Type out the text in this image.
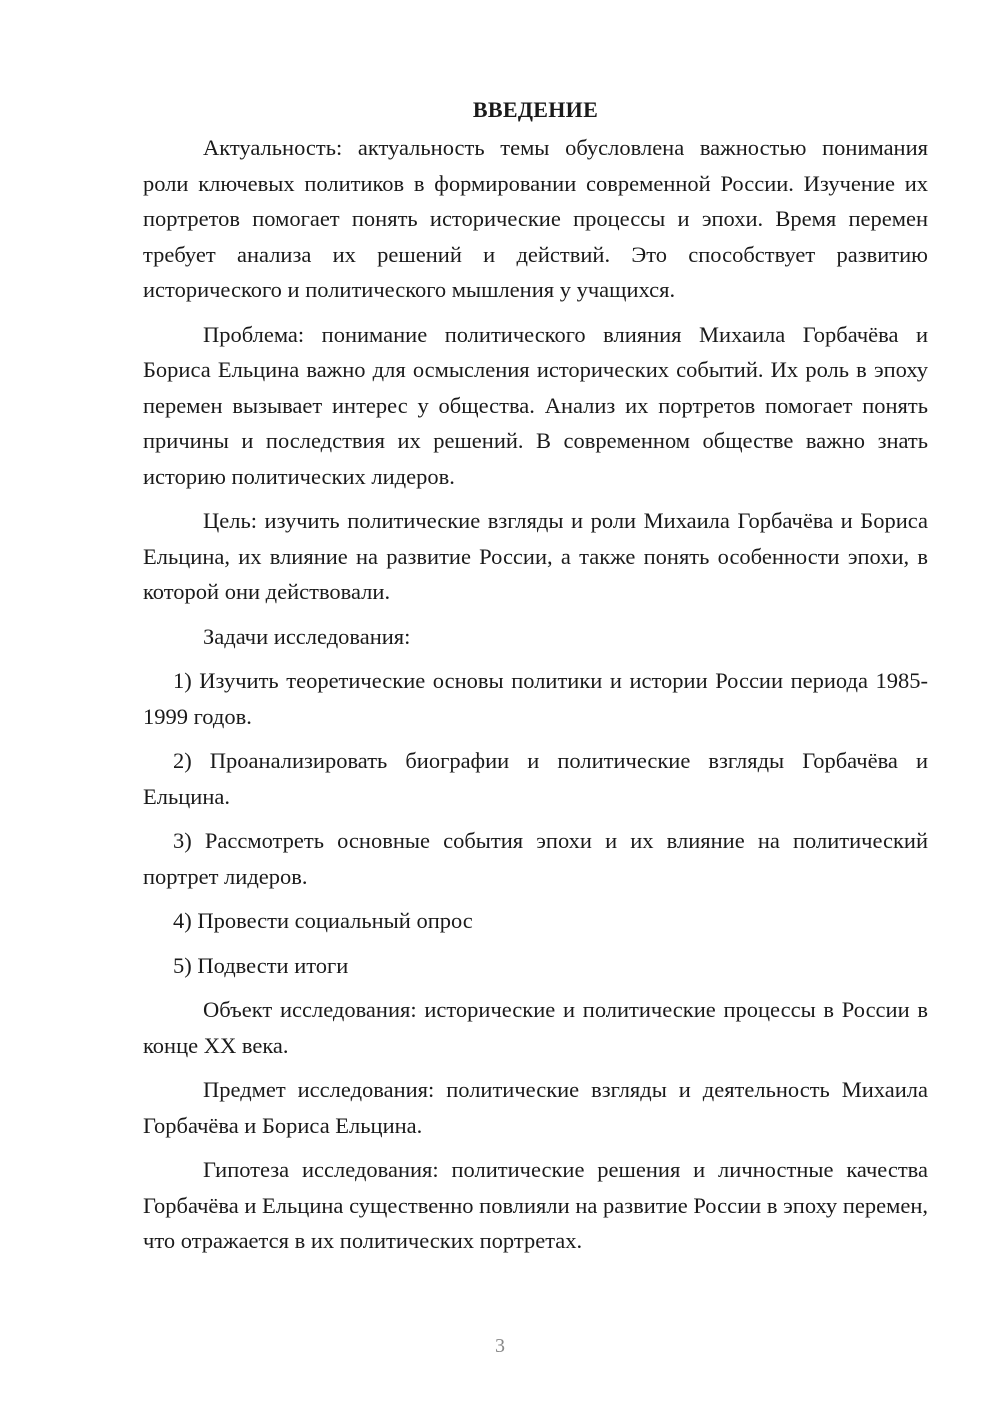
ВВЕДЕНИЕ

Актуальность: актуальность темы обусловлена важностью понимания роли ключевых политиков в формировании современной России. Изучение их портретов помогает понять исторические процессы и эпохи. Время перемен требует анализа их решений и действий. Это способствует развитию исторического и политического мышления у учащихся.

Проблема: понимание политического влияния Михаила Горбачёва и Бориса Ельцина важно для осмысления исторических событий. Их роль в эпоху перемен вызывает интерес у общества. Анализ их портретов помогает понять причины и последствия их решений. В современном обществе важно знать историю политических лидеров.

Цель: изучить политические взгляды и роли Михаила Горбачёва и Бориса Ельцина, их влияние на развитие России, а также понять особенности эпохи, в которой они действовали.

Задачи исследования:

1) Изучить теоретические основы политики и истории России периода 1985-1999 годов.

2) Проанализировать биографии и политические взгляды Горбачёва и Ельцина.

3) Рассмотреть основные события эпохи и их влияние на политический портрет лидеров.

4) Провести социальный опрос

5) Подвести итоги

Объект исследования: исторические и политические процессы в России в конце XX века.

Предмет исследования: политические взгляды и деятельность Михаила Горбачёва и Бориса Ельцина.

Гипотеза исследования: политические решения и личностные качества Горбачёва и Ельцина существенно повлияли на развитие России в эпоху перемен, что отражается в их политических портретах.

3
